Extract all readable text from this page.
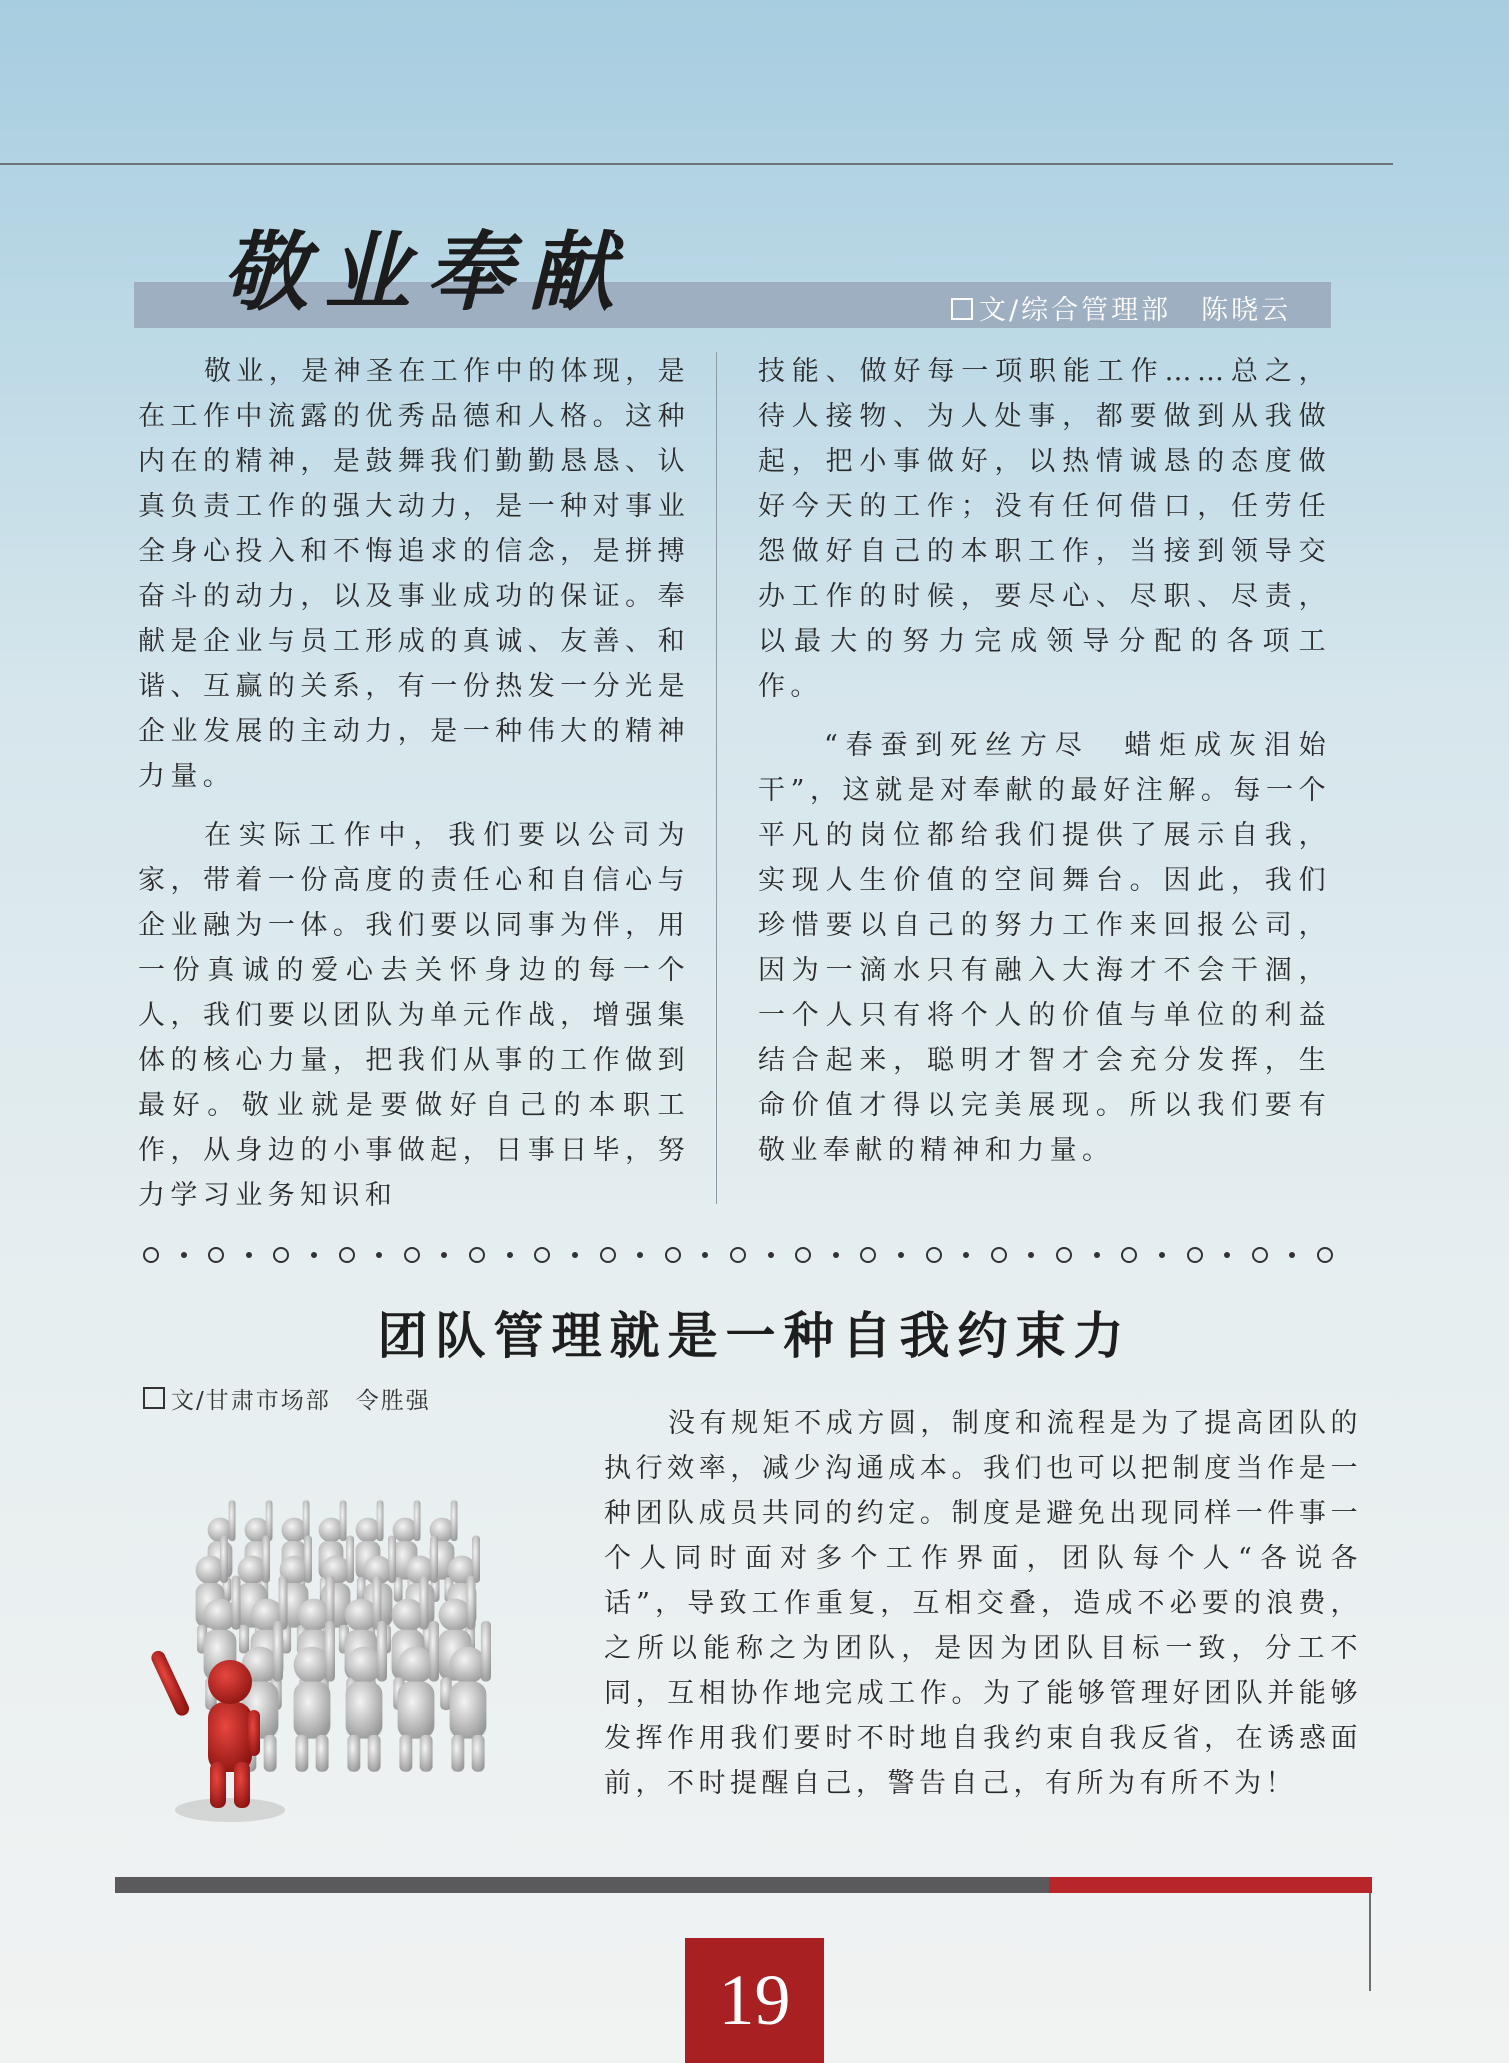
敬业奉献	文/综合管理部　陈晓云

敬业，是神圣在工作中的体现，是在工作中流露的优秀品德和人格。这种内在的精神，是鼓舞我们勤勤恳恳、认真负责工作的强大动力，是一种对事业全身心投入和不悔追求的信念，是拼搏奋斗的动力，以及事业成功的保证。奉献是企业与员工形成的真诚、友善、和谐、互赢的关系，有一份热发一分光是企业发展的主动力，是一种伟大的精神力量。

在实际工作中，我们要以公司为家，带着一份高度的责任心和自信心与企业融为一体。我们要以同事为伴，用一份真诚的爱心去关怀身边的每一个人，我们要以团队为单元作战，增强集体的核心力量，把我们从事的工作做到最好。敬业就是要做好自己的本职工作，从身边的小事做起，日事日毕，努力学习业务知识和

技能、做好每一项职能工作……总之，待人接物、为人处事，都要做到从我做起，把小事做好，以热情诚恳的态度做好今天的工作；没有任何借口，任劳任怨做好自己的本职工作，当接到领导交办工作的时候，要尽心、尽职、尽责，以最大的努力完成领导分配的各项工作。

“春蚕到死丝方尽　蜡炬成灰泪始干”，这就是对奉献的最好注解。每一个平凡的岗位都给我们提供了展示自我，实现人生价值的空间舞台。因此，我们珍惜要以自己的努力工作来回报公司，因为一滴水只有融入大海才不会干涸，一个人只有将个人的价值与单位的利益结合起来，聪明才智才会充分发挥，生命价值才得以完美展现。所以我们要有敬业奉献的精神和力量。

团队管理就是一种自我约束力
文/甘肃市场部　令胜强

没有规矩不成方圆，制度和流程是为了提高团队的执行效率，减少沟通成本。我们也可以把制度当作是一种团队成员共同的约定。制度是避免出现同样一件事一个人同时面对多个工作界面，团队每个人“各说各话”，导致工作重复，互相交叠，造成不必要的浪费，之所以能称之为团队，是因为团队目标一致，分工不同，互相协作地完成工作。为了能够管理好团队并能够发挥作用我们要时不时地自我约束自我反省，在诱惑面前，不时提醒自己，警告自己，有所为有所不为！

19
